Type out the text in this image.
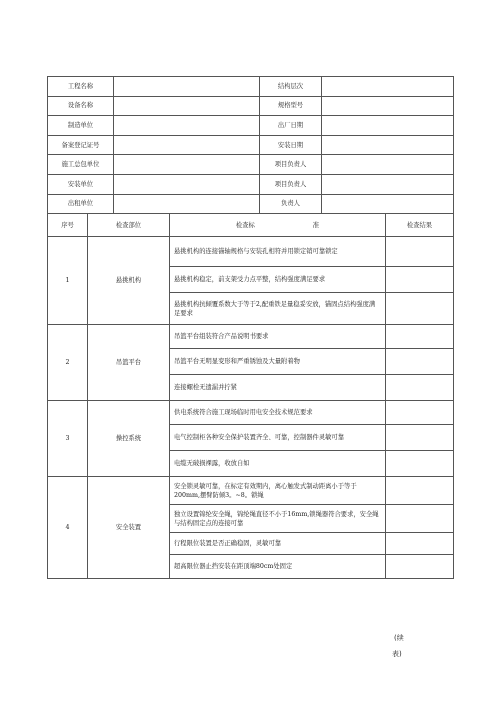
工程名称		结构层次	
设备名称		规格型号	
制造单位		出厂日期	
备案登记证号		安装日期	
施工总包单位		项目负责人	
安装单位		项目负责人	
出租单位		负责人	
序号	检查部位	检查标 准	检查结果
1	悬挑机构	悬挑机构的连接锚轴规格与安装孔相符并用锁定销可靠锁定	
		悬挑机构稳定，前支架受力点平整，结构强度满足要求	
		悬挑机构抗倾覆系数大于等于2,配重铁足量稳妥安放，锚固点结构强度满足要求	
2	吊篮平台	吊篮平台组装符合产品说明书要求	
		吊篮平台无明显变形和严重锈蚀及大量附着物	
		连接螺栓无遗漏并拧紧	
3	操控系统	供电系统符合施工现场临时用电安全技术规范要求	
		电气控制柜各种安全保护装置齐全、可靠，控制器件灵敏可靠	
		电缆无破损裸露，收放自如	
4	安全装置	安全锁灵敏可靠，在标定有效期内，离心触发式制动距离小于等于200mm,摆臂防倾3。~8。锁绳	
		独立设置锦纶安全绳，锦纶绳直径不小于16mm,锁绳器符合要求，安全绳与结构固定点的连接可靠	
		行程限位装置是否正确稳固，灵敏可靠	
		超高限位器止挡安装在距顶端80cm处固定	
(续
表)
